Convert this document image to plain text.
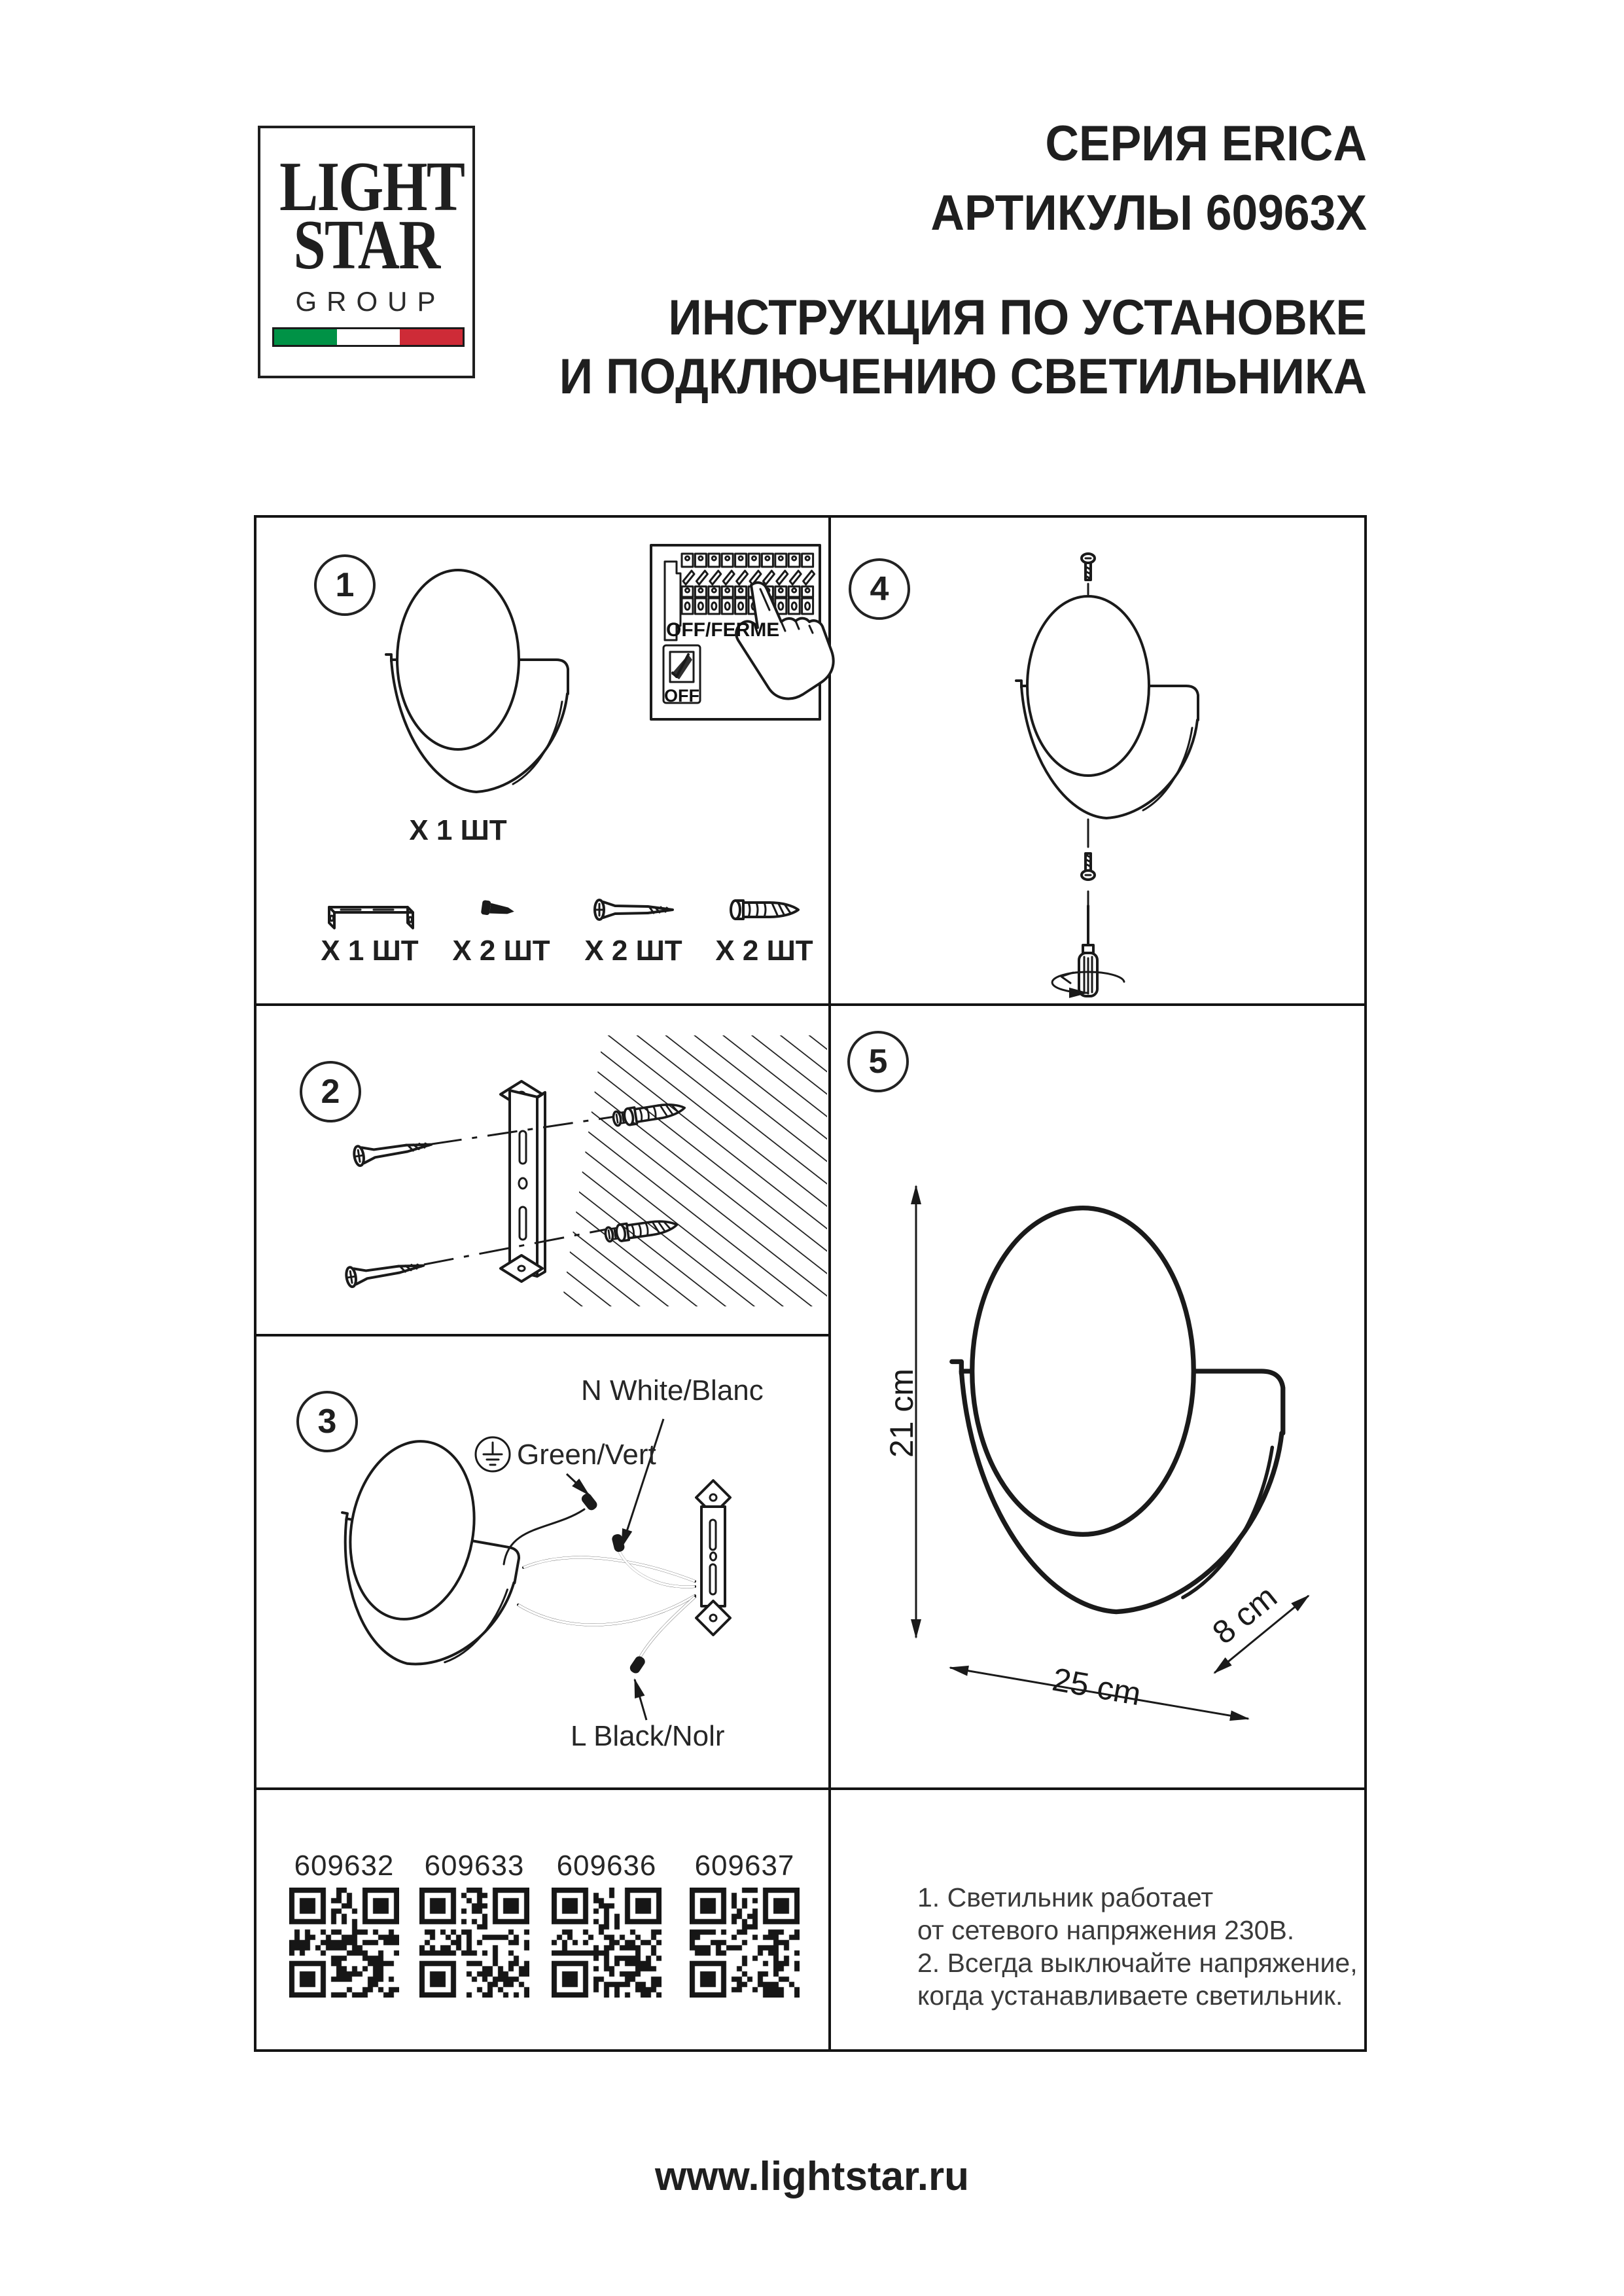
LIGHT
STAR
GROUP
СЕРИЯ ERICA
АРТИКУЛЫ 60963Х
ИНСТРУКЦИЯ ПО УСТАНОВКЕ
И ПОДКЛЮЧЕНИЮ СВЕТИЛЬНИКА
1
2
3
4
5
Х 1 ШТ
Х 1 ШТ Х 2 ШТ Х 2 ШТ Х 2 ШТ
OFF/FERME
OFF
N White/Blanc
Green/Vert
L Black/Nolr
21 cm
25 cm
8 cm
609632 609633 609636 609637
1. Светильник работает
от сетевого напряжения 230В.
2. Всегда выключайте напряжение,
когда устанавливаете светильник.
www.lightstar.ru
